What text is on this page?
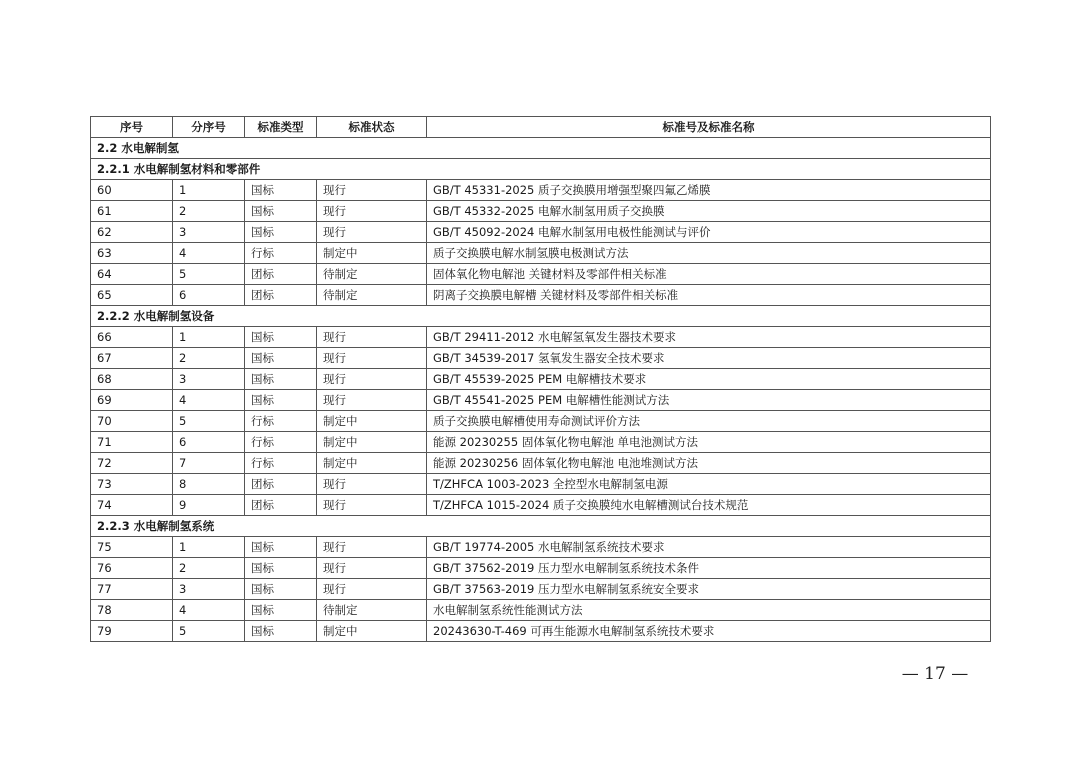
序号	分序号	标准类型	标准状态	标准号及标准名称
2.2 水电解制氢				
2.2.1 水电解制氢材料和零部件				
60	1	国标	现行	GB/T 45331-2025 质子交换膜用增强型聚四氟乙烯膜
61	2	国标	现行	GB/T 45332-2025 电解水制氢用质子交换膜
62	3	国标	现行	GB/T 45092-2024 电解水制氢用电极性能测试与评价
63	4	行标	制定中	质子交换膜电解水制氢膜电极测试方法
64	5	团标	待制定	固体氧化物电解池 关键材料及零部件相关标准
65	6	团标	待制定	阴离子交换膜电解槽 关键材料及零部件相关标准
2.2.2 水电解制氢设备				
66	1	国标	现行	GB/T 29411-2012 水电解氢氧发生器技术要求
67	2	国标	现行	GB/T 34539-2017 氢氧发生器安全技术要求
68	3	国标	现行	GB/T 45539-2025 PEM 电解槽技术要求
69	4	国标	现行	GB/T 45541-2025 PEM 电解槽性能测试方法
70	5	行标	制定中	质子交换膜电解槽使用寿命测试评价方法
71	6	行标	制定中	能源 20230255 固体氧化物电解池 单电池测试方法
72	7	行标	制定中	能源 20230256 固体氧化物电解池 电池堆测试方法
73	8	团标	现行	T/ZHFCA 1003-2023 全控型水电解制氢电源
74	9	团标	现行	T/ZHFCA 1015-2024 质子交换膜纯水电解槽测试台技术规范
2.2.3 水电解制氢系统				
75	1	国标	现行	GB/T 19774-2005 水电解制氢系统技术要求
76	2	国标	现行	GB/T 37562-2019 压力型水电解制氢系统技术条件
77	3	国标	现行	GB/T 37563-2019 压力型水电解制氢系统安全要求
78	4	国标	待制定	水电解制氢系统性能测试方法
79	5	国标	制定中	20243630-T-469 可再生能源水电解制氢系统技术要求
— 17 —
